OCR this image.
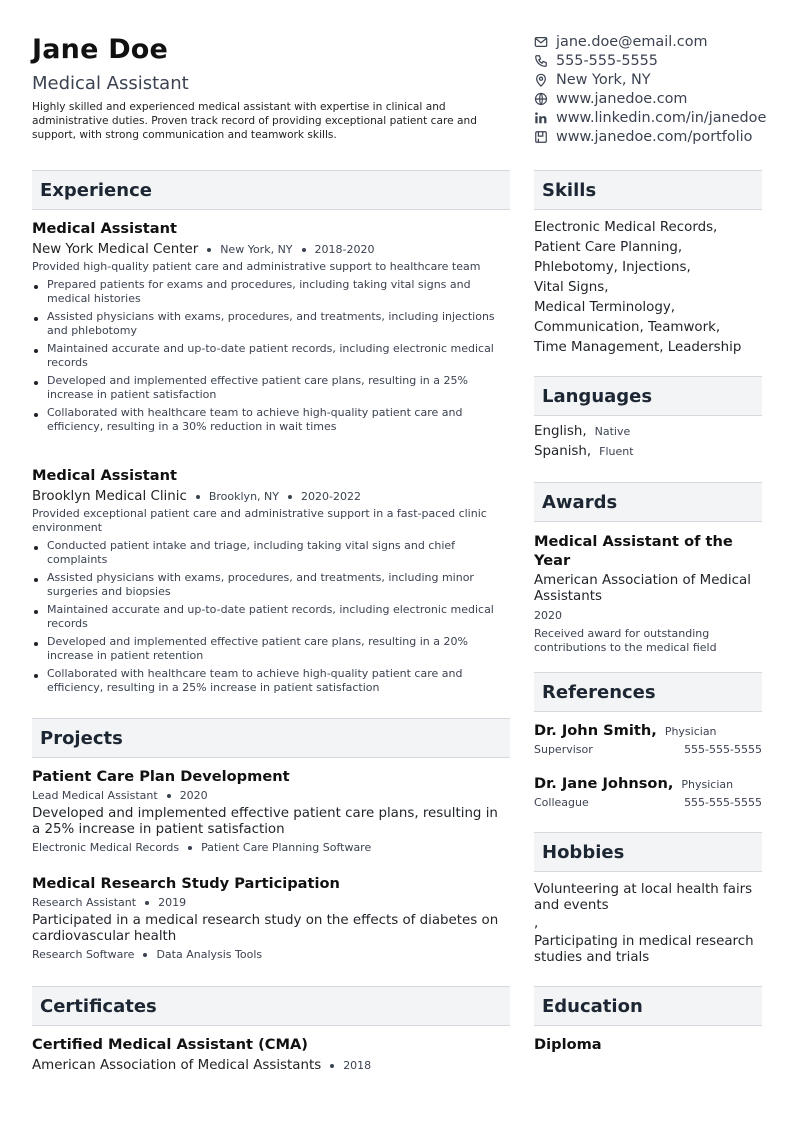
Jane Doe
Medical Assistant
Highly skilled and experienced medical assistant with expertise in clinical and administrative duties. Proven track record of providing exceptional patient care and support, with strong communication and teamwork skills.
jane.doe@email.com
555-555-5555
New York, NY
www.janedoe.com
www.linkedin.com/in/janedoe
www.janedoe.com/portfolio
Experience
Medical Assistant
New York Medical Center New York, NY 2018-2020
Provided high-quality patient care and administrative support to healthcare team
Prepared patients for exams and procedures, including taking vital signs and medical histories
Assisted physicians with exams, procedures, and treatments, including injections and phlebotomy
Maintained accurate and up-to-date patient records, including electronic medical records
Developed and implemented effective patient care plans, resulting in a 25% increase in patient satisfaction
Collaborated with healthcare team to achieve high-quality patient care and efficiency, resulting in a 30% reduction in wait times
Medical Assistant
Brooklyn Medical Clinic Brooklyn, NY 2020-2022
Provided exceptional patient care and administrative support in a fast-paced clinic environment
Conducted patient intake and triage, including taking vital signs and chief complaints
Assisted physicians with exams, procedures, and treatments, including minor surgeries and biopsies
Maintained accurate and up-to-date patient records, including electronic medical records
Developed and implemented effective patient care plans, resulting in a 20% increase in patient retention
Collaborated with healthcare team to achieve high-quality patient care and efficiency, resulting in a 25% increase in patient satisfaction
Projects
Patient Care Plan Development
Lead Medical Assistant 2020
Developed and implemented effective patient care plans, resulting in a 25% increase in patient satisfaction
Electronic Medical Records Patient Care Planning Software
Medical Research Study Participation
Research Assistant 2019
Participated in a medical research study on the effects of diabetes on cardiovascular health
Research Software Data Analysis Tools
Certificates
Certified Medical Assistant (CMA)
American Association of Medical Assistants 2018
Skills
Electronic Medical Records,
Patient Care Planning,
Phlebotomy, Injections,
Vital Signs,
Medical Terminology,
Communication, Teamwork,
Time Management, Leadership
Languages
English, Native
Spanish, Fluent
Awards
Medical Assistant of the Year
American Association of Medical Assistants
2020
Received award for outstanding contributions to the medical field
References
Dr. John Smith, Physician
Supervisor	555-555-5555
Dr. Jane Johnson, Physician
Colleague	555-555-5555
Hobbies
Volunteering at local health fairs and events
,
Participating in medical research studies and trials
Education
Diploma
